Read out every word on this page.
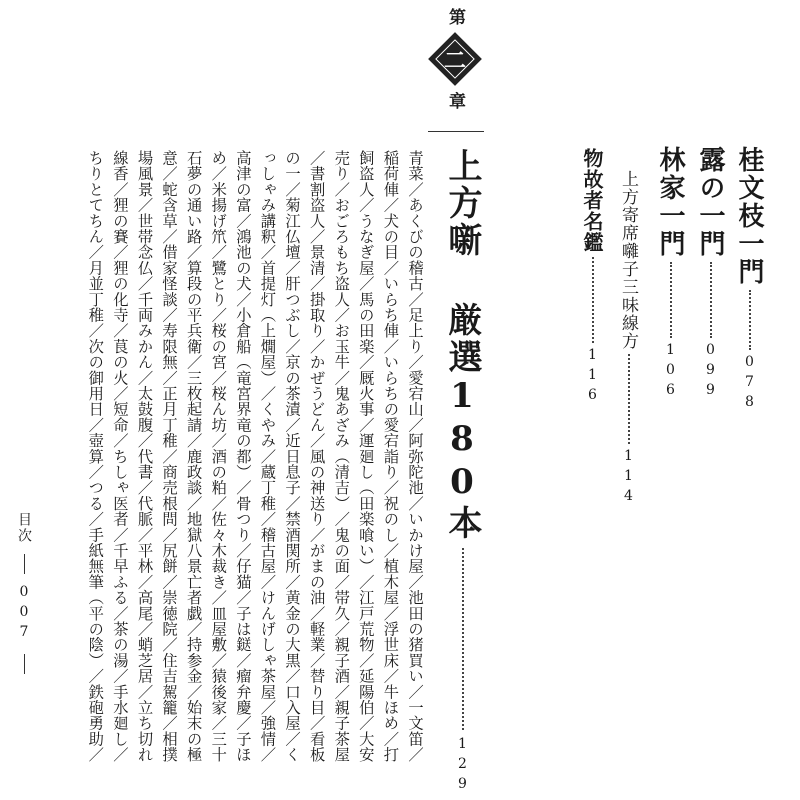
第
二
章
桂文枝一門
078
露の一門
099
林家一門
106
上方寄席囃子三味線方
114
物故者名鑑
116
上方噺 厳選180本
129
青菜／あくびの稽古／足上り／愛宕山／阿弥陀池／いかけ屋／池田の猪買い／一文笛／
稲荷俥／犬の目／いらち俥／いらちの愛宕詣り／祝のし／植木屋／浮世床／牛ほめ／打
飼盗人／うなぎ屋／馬の田楽／厩火事／運廻し（田楽喰い）／江戸荒物／延陽伯／大安
売り／おごろもち盗人／お玉牛／鬼あざみ（清吉）／鬼の面／帯久／親子酒／親子茶屋
／書割盗人／景清／掛取り／かぜうどん／風の神送り／がまの油／軽業／替り目／看板
の一／菊江仏壇／肝つぶし／京の茶漬／近日息子／禁酒関所／黄金の大黒／口入屋／く
っしゃみ講釈／首提灯（上燗屋）／くやみ／蔵丁稚／稽古屋／けんげしゃ茶屋／強情／
高津の富／鴻池の犬／小倉船（竜宮界竜の都）／骨つり／仔猫／子は鎹／瘤弁慶／子ほ
め／米揚げ笊／鷺とり／桜の宮／桜ん坊／酒の粕／佐々木裁き／皿屋敷／猿後家／三十
石夢の通い路／算段の平兵衛／三枚起請／鹿政談／地獄八景亡者戯／持参金／始末の極
意／蛇含草／借家怪談／寿限無／正月丁稚／商売根問／尻餅／崇徳院／住吉駕籠／相撲
場風景／世帯念仏／千両みかん／太鼓腹／代書／代脈／平林／高尾／蛸芝居／立ち切れ
線香／狸の賽／狸の化寺／茛の火／短命／ちしゃ医者／千早ふる／茶の湯／手水廻し／
ちりとてちん／月並丁稚／次の御用日／壺算／つる／手紙無筆（平の陰）／鉄砲勇助／
目次
007
